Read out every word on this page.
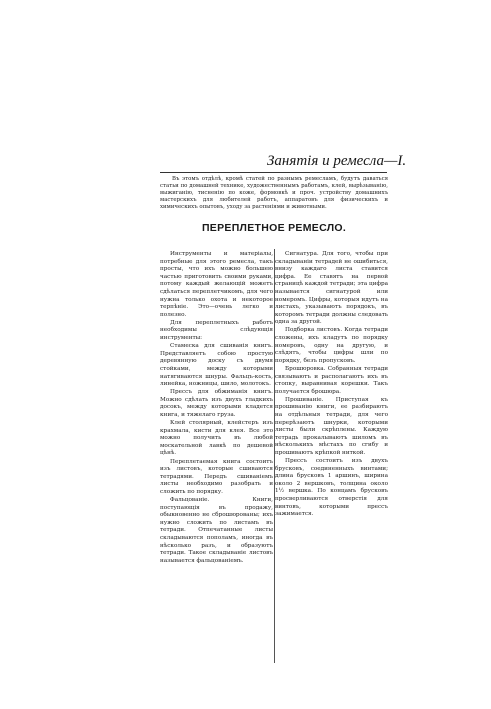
Занятія и ремесла—I.

Въ этомъ отдѣлѣ, кромѣ статей по разнымъ ремесламъ, будутъ даваться статьи по домашней технике, художественнымъ работамъ, клей, вырѣзыванію, выжиганію, тисненію по коже, формовкѣ и проч. устройству домашнихъ мастерскихъ для любителей работъ, аппаратовъ для физическихъ и химическихъ опытовъ, уходу за растеніями и животными.

ПЕРЕПЛЕТНОЕ РЕМЕСЛО.

Инструменты и матеріалы, потребные для этого ремесла, такъ просты, что ихъ можно большею частью приготовить своими руками, потому каждый желающій можетъ сдѣлаться переплетчикомъ, для чего нужна только охота и некоторое терпѣніе. Это—очень легко и полезно.

Для переплетныхъ работъ необходимы слѣдующія инструменты:

Стамеска для сшиванія книгъ. Представляетъ собою простую деревянную доску съ двумя стойками, между которыми натягиваются шнуры. Фальцъ-кость, линейка, ножницы, шило, молотокъ.

Прессъ для обжиманія книгъ. Можно сдѣлать изъ двухъ гладкихъ досокъ, между которыми кладется книга, и тяжелаго груза.

Клей столярный, клейстеръ изъ крахмала, кисти для клея. Все это можно получить въ любой москательной лавкѣ по дешевой цѣнѣ.

Переплетаемая книга состоитъ изъ листовъ, которые сшиваются тетрадями. Передъ сшиваніемъ листы необходимо разобрать и сложить по порядку.

Фальцованіе. Книги, поступающія въ продажу, обыкновенно не сброшюрованы; ихъ нужно сложить по листамъ въ тетради. Отпечатанные листы складываются пополамъ, иногда въ нѣсколько разъ, и образуютъ тетради. Такое складываніе листовъ называется фальцованіемъ.

Сигнатура. Для того, чтобы при складываніи тетрадей не ошибиться, внизу каждаго листа ставится цифра. Ее ставятъ на первой страницѣ каждой тетради; эта цифра называется сигнатурой или номеромъ. Цифры, которыя идутъ на листахъ, указываютъ порядокъ, въ которомъ тетради должны следовать одна за другой.

Подборка листовъ. Когда тетради сложены, ихъ кладутъ по порядку номеровъ, одну на другую, и слѣдятъ, чтобы цифры шли по порядку, безъ пропусковъ.

Брошюровка. Собранныя тетради связываютъ и располагаютъ ихъ въ стопку, выравнивая корешки. Такъ получается брошюра.

Прошиваніе. Приступая къ прошиванію книги, ее разбираютъ на отдѣльныя тетради, для чего перерѣзаютъ шнурки, которыми листы были скрѣплены. Каждую тетрадь прокалываютъ шиломъ въ нѣсколькихъ мѣстахъ по сгибу и прошиваютъ крѣпкой ниткой.

Прессъ состоитъ изъ двухъ брусковъ, соединенныхъ винтами; длина брусковъ 1 аршинъ, ширина около 2 вершковъ, толщина около 1½ вершка. По концамъ брусковъ просверливаются отверстія для винтовъ, которыми прессъ зажимается.
